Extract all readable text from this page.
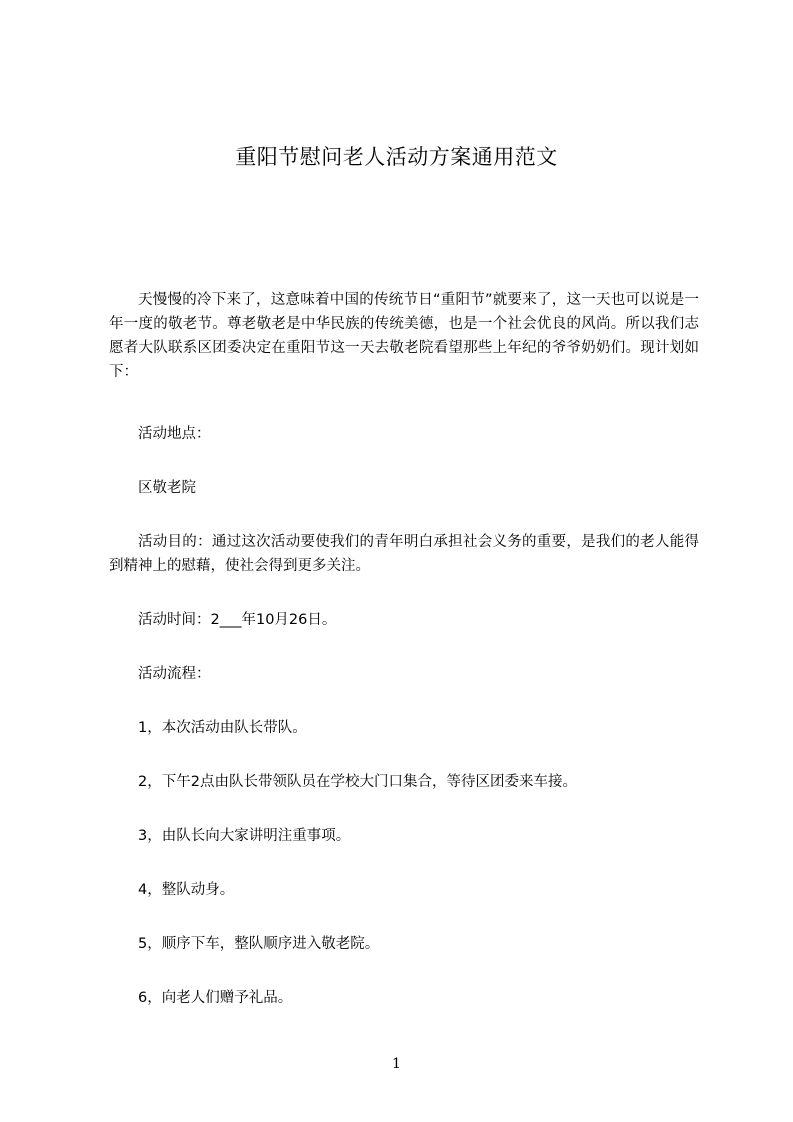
重阳节慰问老人活动方案通用范文

天慢慢的冷下来了，这意味着中国的传统节日“重阳节”就要来了，这一天也可以说是一年一度的敬老节。尊老敬老是中华民族的传统美德，也是一个社会优良的风尚。所以我们志愿者大队联系区团委决定在重阳节这一天去敬老院看望那些上年纪的爷爷奶奶们。现计划如下：

活动地点：

区敬老院

活动目的：通过这次活动要使我们的青年明白承担社会义务的重要，是我们的老人能得到精神上的慰藉，使社会得到更多关注。

活动时间：2___年10月26日。

活动流程：

1，本次活动由队长带队。

2，下午2点由队长带领队员在学校大门口集合，等待区团委来车接。

3，由队长向大家讲明注重事项。

4，整队动身。

5，顺序下车，整队顺序进入敬老院。

6，向老人们赠予礼品。

1
